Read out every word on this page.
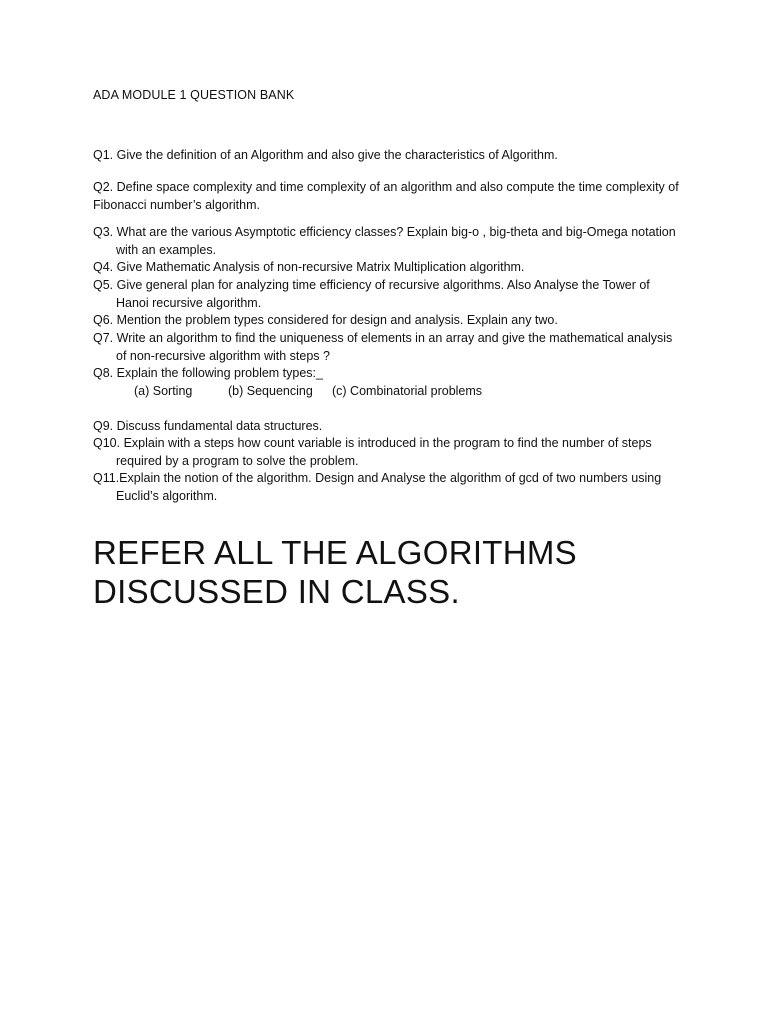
ADA MODULE 1 QUESTION BANK
Q1. Give the definition of an Algorithm and also give the characteristics of Algorithm.
Q2. Define space complexity and time complexity of an algorithm and also compute the time complexity of Fibonacci number’s algorithm.
Q3. What are the various Asymptotic efficiency classes? Explain big-o , big-theta and big-Omega notation with an examples.
Q4. Give Mathematic Analysis of non-recursive Matrix Multiplication algorithm.
Q5. Give general plan for analyzing time efficiency of recursive algorithms. Also Analyse the Tower of Hanoi recursive algorithm.
Q6. Mention the problem types considered for design and analysis. Explain any two.
Q7. Write an algorithm to find the uniqueness of elements in an array and give the mathematical analysis of non-recursive algorithm with steps ?
Q8. Explain the following problem types:_
(a) Sorting	(b) Sequencing (c) Combinatorial problems
Q9. Discuss fundamental data structures.
Q10. Explain with a steps how count variable is introduced in the program to find the number of steps required by a program to solve the problem.
Q11.Explain the notion of the algorithm. Design and Analyse the algorithm of gcd of two numbers using Euclid’s algorithm.
REFER ALL THE ALGORITHMS DISCUSSED IN CLASS.
